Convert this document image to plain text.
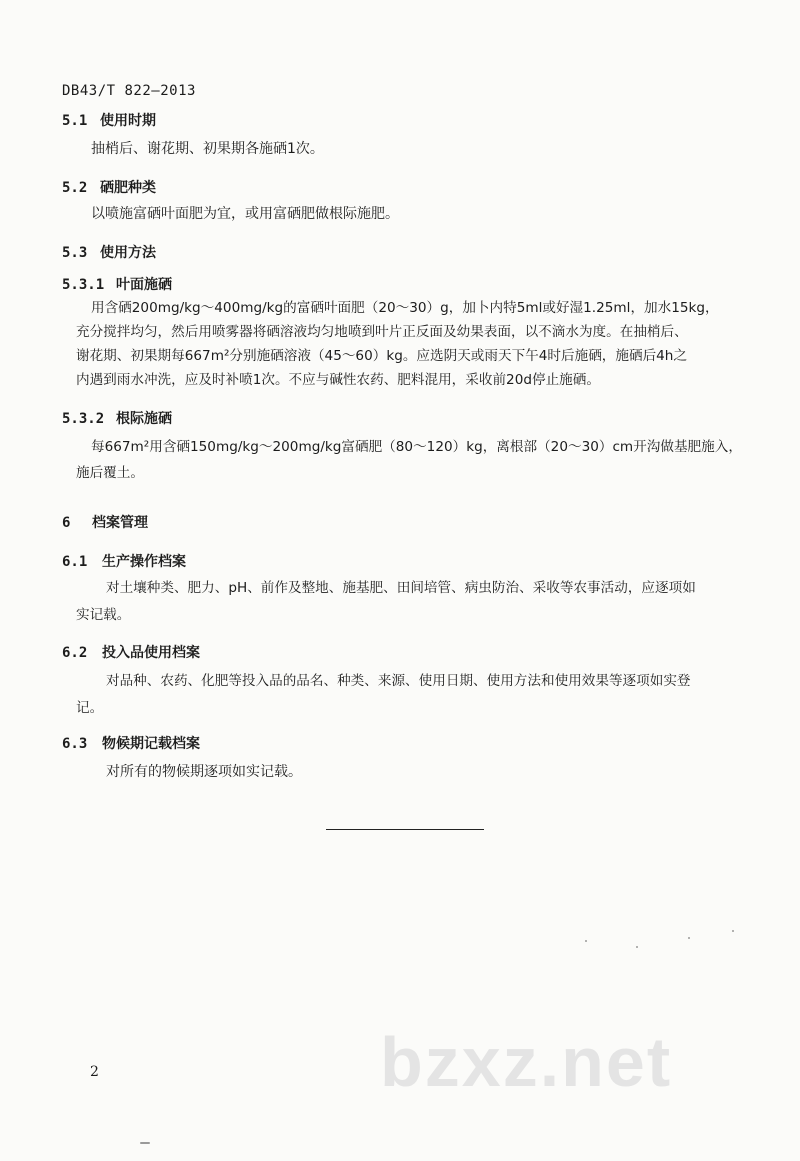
DB43/T 822—2013
5.1 使用时期
抽梢后、谢花期、初果期各施硒1次。
5.2 硒肥种类
以喷施富硒叶面肥为宜，或用富硒肥做根际施肥。
5.3 使用方法
5.3.1 叶面施硒
用含硒200mg/kg～400mg/kg的富硒叶面肥（20～30）g，加卜内特5ml或好湿1.25ml，加水15kg，
充分搅拌均匀，然后用喷雾器将硒溶液均匀地喷到叶片正反面及幼果表面，以不滴水为度。在抽梢后、
谢花期、初果期每667m²分别施硒溶液（45～60）kg。应选阴天或雨天下午4时后施硒，施硒后4h之
内遇到雨水冲洗，应及时补喷1次。不应与碱性农药、肥料混用，采收前20d停止施硒。
5.3.2 根际施硒
每667m²用含硒150mg/kg～200mg/kg富硒肥（80～120）kg，离根部（20～30）cm开沟做基肥施入，
施后覆土。
6 档案管理
6.1 生产操作档案
对土壤种类、肥力、pH、前作及整地、施基肥、田间培管、病虫防治、采收等农事活动，应逐项如
实记载。
6.2 投入品使用档案
对品种、农药、化肥等投入品的品名、种类、来源、使用日期、使用方法和使用效果等逐项如实登
记。
6.3 物候期记载档案
对所有的物候期逐项如实记载。
bzxz.net
2
